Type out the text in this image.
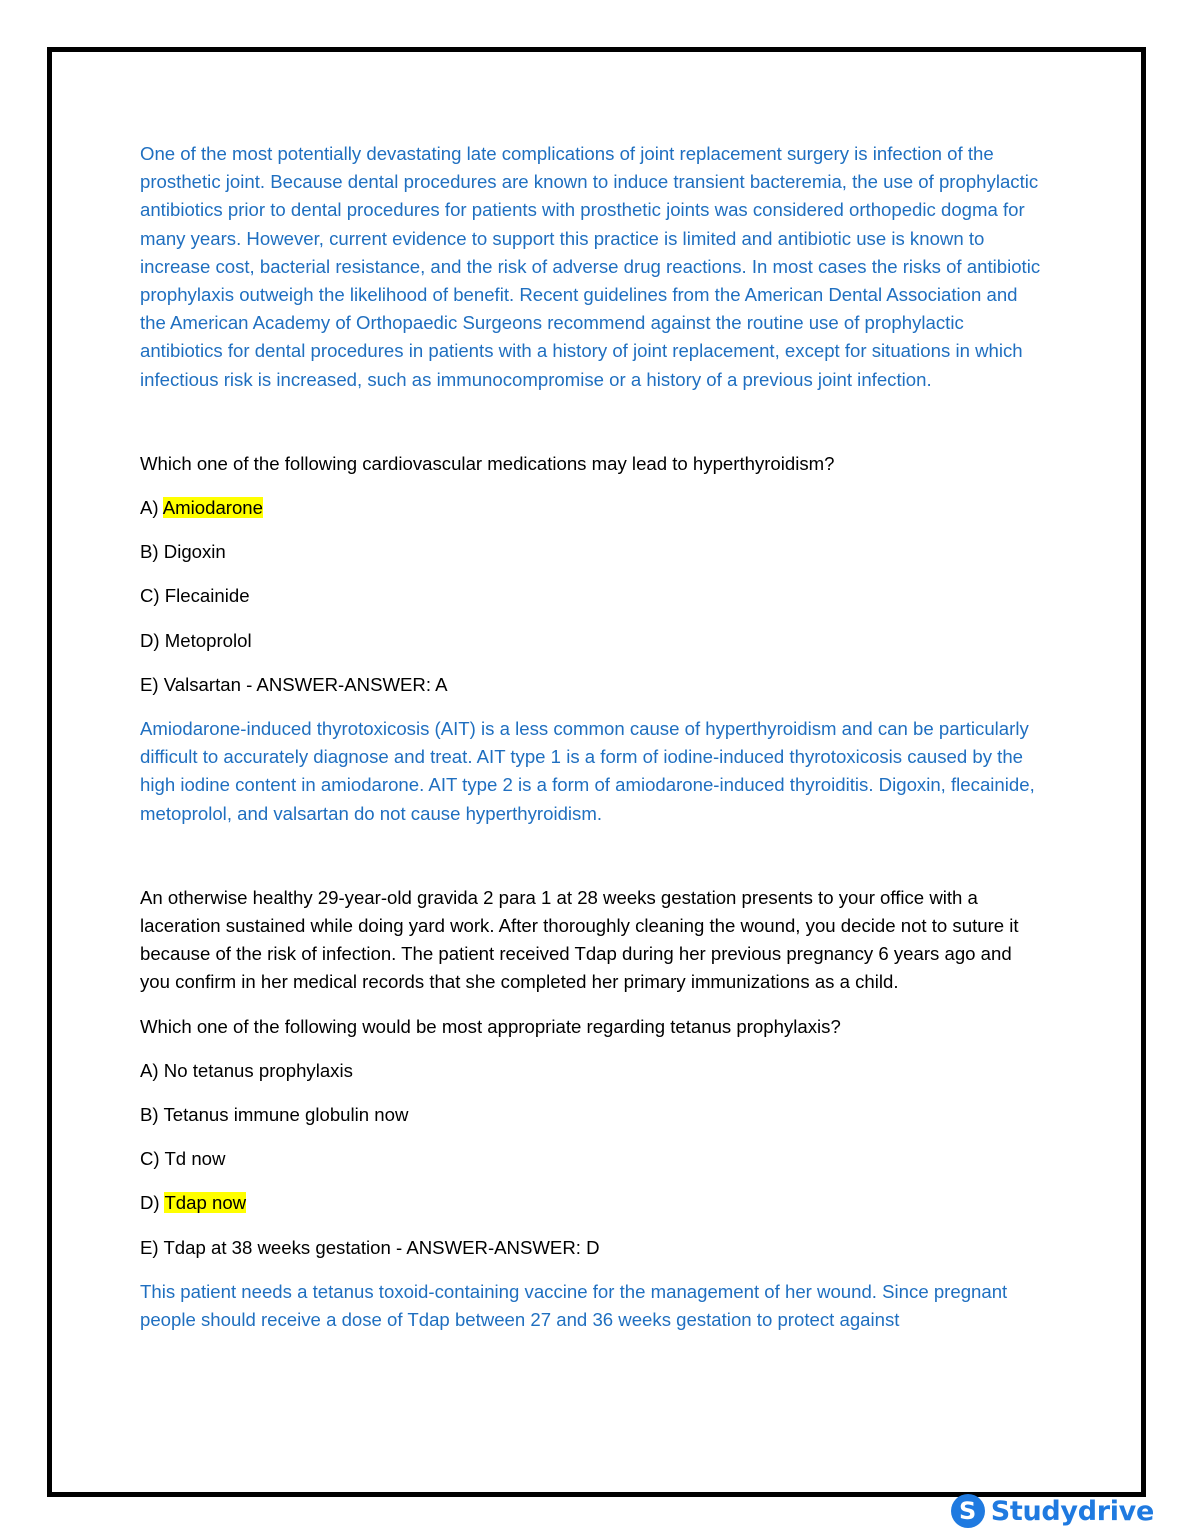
One of the most potentially devastating late complications of joint replacement surgery is infection of the prosthetic joint. Because dental procedures are known to induce transient bacteremia, the use of prophylactic antibiotics prior to dental procedures for patients with prosthetic joints was considered orthopedic dogma for many years. However, current evidence to support this practice is limited and antibiotic use is known to increase cost, bacterial resistance, and the risk of adverse drug reactions. In most cases the risks of antibiotic prophylaxis outweigh the likelihood of benefit. Recent guidelines from the American Dental Association and the American Academy of Orthopaedic Surgeons recommend against the routine use of prophylactic antibiotics for dental procedures in patients with a history of joint replacement, except for situations in which infectious risk is increased, such as immunocompromise or a history of a previous joint infection.

Which one of the following cardiovascular medications may lead to hyperthyroidism?

A) Amiodarone

B) Digoxin

C) Flecainide

D) Metoprolol

E) Valsartan - ANSWER-ANSWER: A

Amiodarone-induced thyrotoxicosis (AIT) is a less common cause of hyperthyroidism and can be particularly difficult to accurately diagnose and treat. AIT type 1 is a form of iodine-induced thyrotoxicosis caused by the high iodine content in amiodarone. AIT type 2 is a form of amiodarone-induced thyroiditis. Digoxin, flecainide, metoprolol, and valsartan do not cause hyperthyroidism.

An otherwise healthy 29-year-old gravida 2 para 1 at 28 weeks gestation presents to your office with a laceration sustained while doing yard work. After thoroughly cleaning the wound, you decide not to suture it because of the risk of infection. The patient received Tdap during her previous pregnancy 6 years ago and you confirm in her medical records that she completed her primary immunizations as a child.

Which one of the following would be most appropriate regarding tetanus prophylaxis?

A) No tetanus prophylaxis

B) Tetanus immune globulin now

C) Td now

D) Tdap now

E) Tdap at 38 weeks gestation - ANSWER-ANSWER: D

This patient needs a tetanus toxoid-containing vaccine for the management of her wound. Since pregnant people should receive a dose of Tdap between 27 and 36 weeks gestation to protect against

S Studydrive
